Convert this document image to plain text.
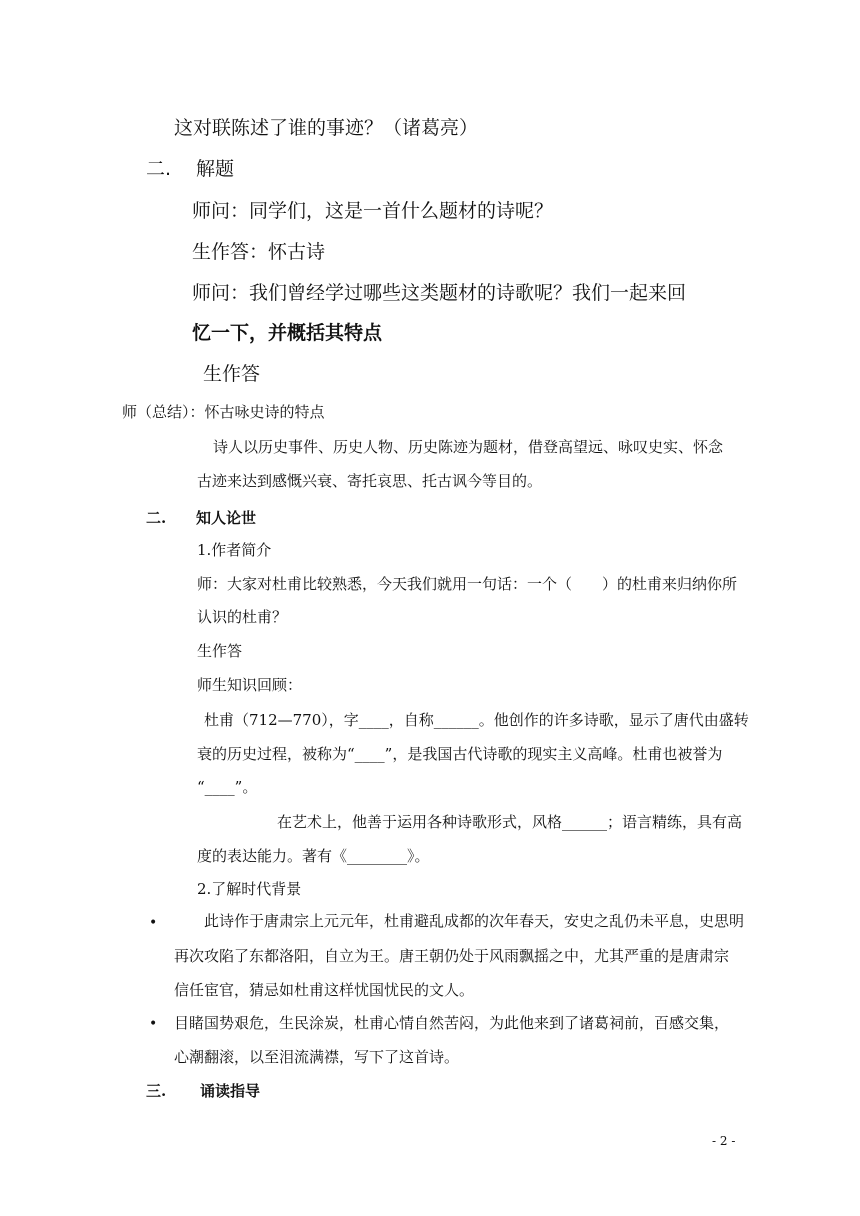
这对联陈述了谁的事迹？（诸葛亮）
二. 解题
师问：同学们，这是一首什么题材的诗呢？
生作答：怀古诗
师问：我们曾经学过哪些这类题材的诗歌呢？我们一起来回
忆一下，并概括其特点
生作答
师（总结）：怀古咏史诗的特点
诗人以历史事件、历史人物、历史陈迹为题材，借登高望远、咏叹史实、怀念
古迹来达到感慨兴衰、寄托哀思、托古讽今等目的。
二. 知人论世
1.作者简介
师：大家对杜甫比较熟悉，今天我们就用一句话：一个（　　）的杜甫来归纳你所
认识的杜甫？
生作答
师生知识回顾：
杜甫（712—770），字____，自称______。他创作的许多诗歌，显示了唐代由盛转
衰的历史过程，被称为“____”，是我国古代诗歌的现实主义高峰。杜甫也被誉为
“____”。
在艺术上，他善于运用各种诗歌形式，风格______；语言精练，具有高
度的表达能力。著有《________》。
2.了解时代背景
•	此诗作于唐肃宗上元元年，杜甫避乱成都的次年春天，安史之乱仍未平息，史思明
再次攻陷了东都洛阳，自立为王。唐王朝仍处于风雨飘摇之中，尤其严重的是唐肃宗
信任宦官，猜忌如杜甫这样忧国忧民的文人。
• 目睹国势艰危，生民涂炭，杜甫心情自然苦闷，为此他来到了诸葛祠前，百感交集，
心潮翻滚，以至泪流满襟，写下了这首诗。
三. 诵读指导
- 2 -
